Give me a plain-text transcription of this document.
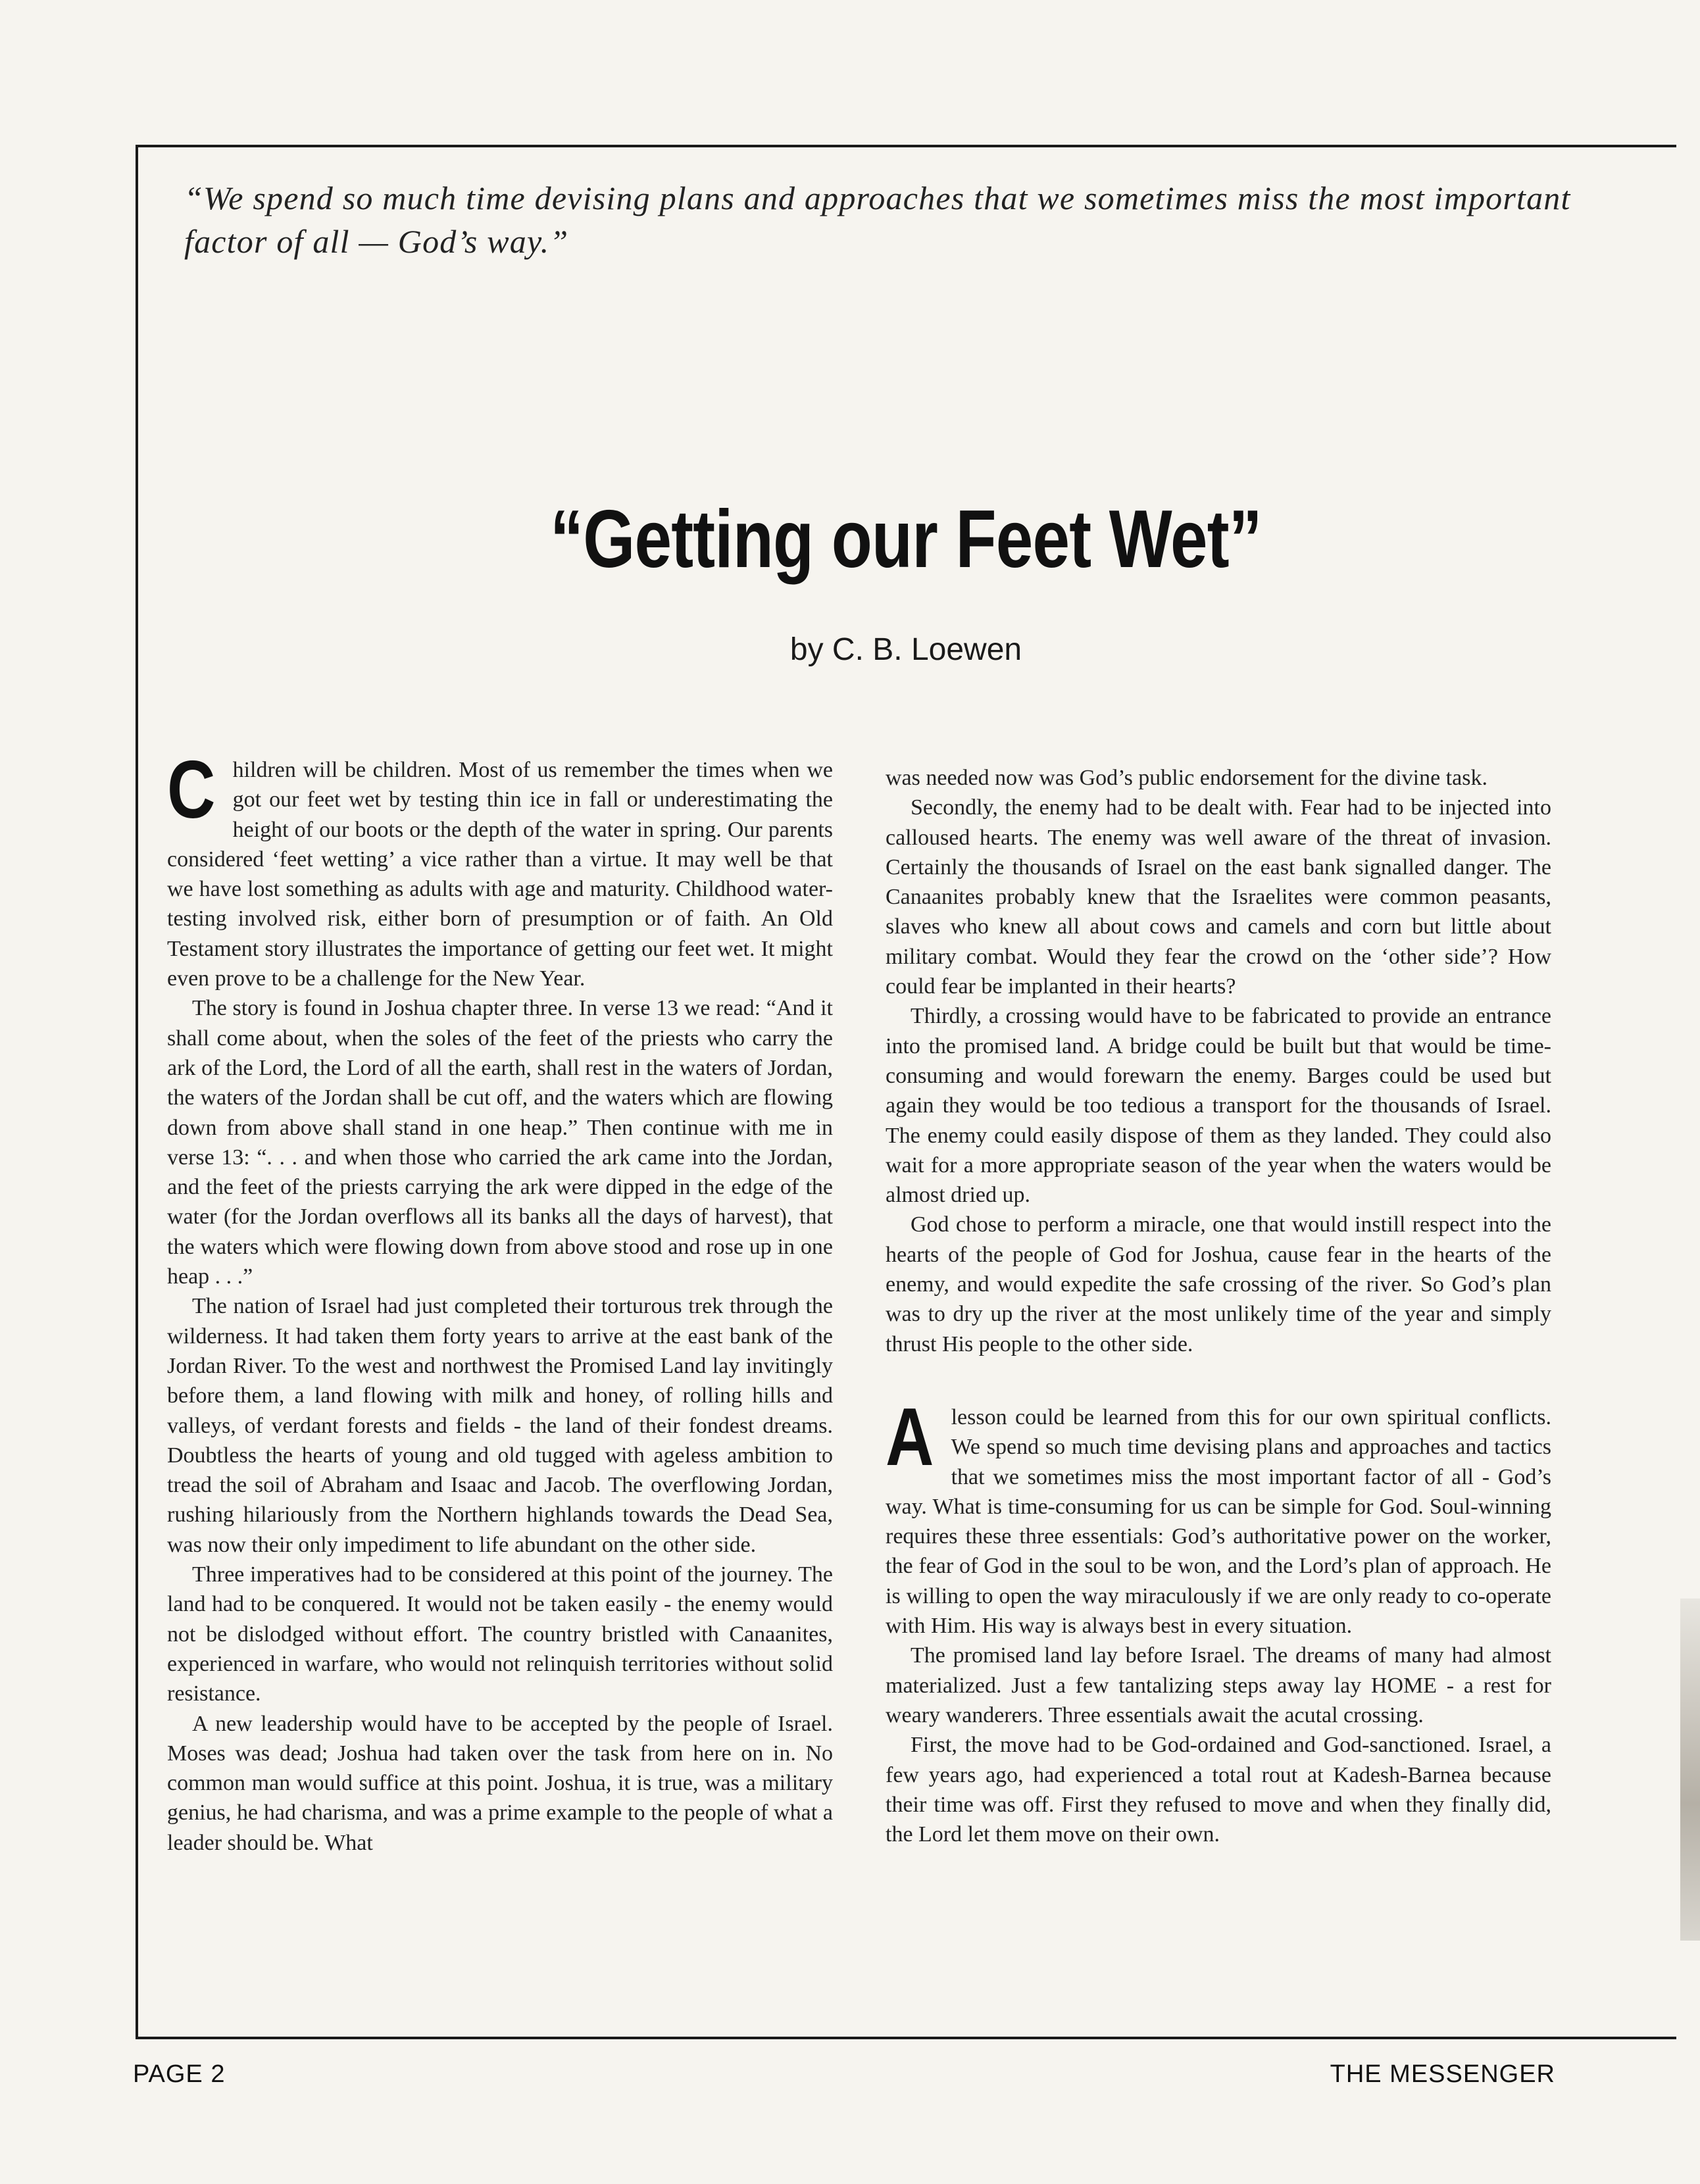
“We spend so much time devising plans and approaches that we sometimes miss the most important factor of all — God’s way.”

“Getting our Feet Wet”

by C. B. Loewen

Children will be children. Most of us remember the times when we got our feet wet by testing thin ice in fall or underestimating the height of our boots or the depth of the water in spring. Our parents considered ‘feet wetting’ a vice rather than a virtue. It may well be that we have lost something as adults with age and maturity. Childhood water-testing involved risk, either born of presumption or of faith. An Old Testament story illustrates the importance of getting our feet wet. It might even prove to be a challenge for the New Year.

The story is found in Joshua chapter three. In verse 13 we read: “And it shall come about, when the soles of the feet of the priests who carry the ark of the Lord, the Lord of all the earth, shall rest in the waters of Jordan, the waters of the Jordan shall be cut off, and the waters which are flowing down from above shall stand in one heap.” Then continue with me in verse 13: “. . . and when those who carried the ark came into the Jordan, and the feet of the priests carrying the ark were dipped in the edge of the water (for the Jordan overflows all its banks all the days of harvest), that the waters which were flowing down from above stood and rose up in one heap . . .”

The nation of Israel had just completed their torturous trek through the wilderness. It had taken them forty years to arrive at the east bank of the Jordan River. To the west and northwest the Promised Land lay invitingly before them, a land flowing with milk and honey, of rolling hills and valleys, of verdant forests and fields - the land of their fondest dreams. Doubtless the hearts of young and old tugged with ageless ambition to tread the soil of Abraham and Isaac and Jacob. The overflowing Jordan, rushing hilariously from the Northern highlands towards the Dead Sea, was now their only impediment to life abundant on the other side.

Three imperatives had to be considered at this point of the journey. The land had to be conquered. It would not be taken easily - the enemy would not be dislodged without effort. The country bristled with Canaanites, experienced in warfare, who would not relinquish territories without solid resistance.

A new leadership would have to be accepted by the people of Israel. Moses was dead; Joshua had taken over the task from here on in. No common man would suffice at this point. Joshua, it is true, was a military genius, he had charisma, and was a prime example to the people of what a leader should be. What

was needed now was God’s public endorsement for the divine task.

Secondly, the enemy had to be dealt with. Fear had to be injected into calloused hearts. The enemy was well aware of the threat of invasion. Certainly the thousands of Israel on the east bank signalled danger. The Canaanites probably knew that the Israelites were common peasants, slaves who knew all about cows and camels and corn but little about military combat. Would they fear the crowd on the ‘other side’? How could fear be implanted in their hearts?

Thirdly, a crossing would have to be fabricated to provide an entrance into the promised land. A bridge could be built but that would be time-consuming and would forewarn the enemy. Barges could be used but again they would be too tedious a transport for the thousands of Israel. The enemy could easily dispose of them as they landed. They could also wait for a more appropriate season of the year when the waters would be almost dried up.

God chose to perform a miracle, one that would instill respect into the hearts of the people of God for Joshua, cause fear in the hearts of the enemy, and would expedite the safe crossing of the river. So God’s plan was to dry up the river at the most unlikely time of the year and simply thrust His people to the other side.

Alesson could be learned from this for our own spiritual conflicts. We spend so much time devising plans and approaches and tactics that we sometimes miss the most important factor of all - God’s way. What is time-consuming for us can be simple for God. Soul-winning requires these three essentials: God’s authoritative power on the worker, the fear of God in the soul to be won, and the Lord’s plan of approach. He is willing to open the way miraculously if we are only ready to co-operate with Him. His way is always best in every situation.

The promised land lay before Israel. The dreams of many had almost materialized. Just a few tantalizing steps away lay HOME - a rest for weary wanderers. Three essentials await the acutal crossing.

First, the move had to be God-ordained and God-sanctioned. Israel, a few years ago, had experienced a total rout at Kadesh-Barnea because their time was off. First they refused to move and when they finally did, the Lord let them move on their own.

PAGE 2	THE MESSENGER
